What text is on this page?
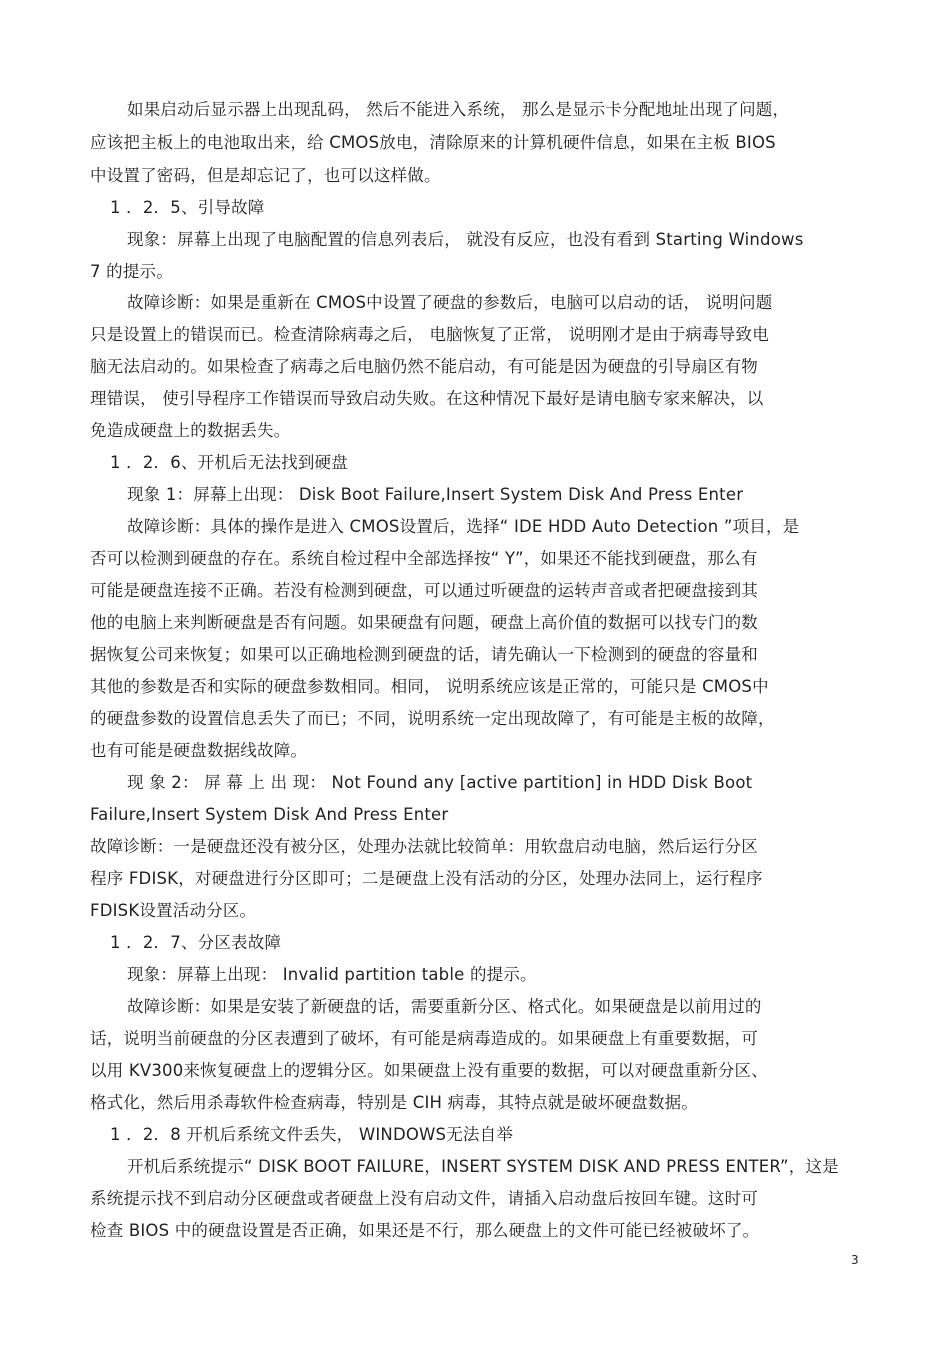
如果启动后显示器上出现乱码， 然后不能进入系统， 那么是显示卡分配地址出现了问题，
应该把主板上的电池取出来，给 CMOS放电，清除原来的计算机硬件信息，如果在主板 BIOS
中设置了密码，但是却忘记了，也可以这样做。
1 ．2．5、引导故障
现象：屏幕上出现了电脑配置的信息列表后， 就没有反应，也没有看到 Starting Windows
7 的提示。
故障诊断：如果是重新在 CMOS中设置了硬盘的参数后，电脑可以启动的话， 说明问题
只是设置上的错误而已。检查清除病毒之后， 电脑恢复了正常， 说明刚才是由于病毒导致电
脑无法启动的。如果检查了病毒之后电脑仍然不能启动，有可能是因为硬盘的引导扇区有物
理错误， 使引导程序工作错误而导致启动失败。在这种情况下最好是请电脑专家来解决，以
免造成硬盘上的数据丢失。
1 ．2．6、开机后无法找到硬盘
现象 1：屏幕上出现： Disk Boot Failure,Insert System Disk And Press Enter
故障诊断：具体的操作是进入 CMOS设置后，选择“ IDE HDD Auto Detection ”项目，是
否可以检测到硬盘的存在。系统自检过程中全部选择按“ Y”，如果还不能找到硬盘，那么有
可能是硬盘连接不正确。若没有检测到硬盘，可以通过听硬盘的运转声音或者把硬盘接到其
他的电脑上来判断硬盘是否有问题。如果硬盘有问题，硬盘上高价值的数据可以找专门的数
据恢复公司来恢复；如果可以正确地检测到硬盘的话，请先确认一下检测到的硬盘的容量和
其他的参数是否和实际的硬盘参数相同。相同， 说明系统应该是正常的，可能只是 CMOS中
的硬盘参数的设置信息丢失了而已；不同，说明系统一定出现故障了，有可能是主板的故障，
也有可能是硬盘数据线故障。
现 象 2： 屏 幕 上 出 现： Not Found any [active partition] in HDD Disk Boot
Failure,Insert System Disk And Press Enter
故障诊断：一是硬盘还没有被分区，处理办法就比较简单：用软盘启动电脑，然后运行分区
程序 FDISK，对硬盘进行分区即可；二是硬盘上没有活动的分区，处理办法同上，运行程序
FDISK设置活动分区。
1 ．2．7、分区表故障
现象：屏幕上出现： Invalid partition table 的提示。
故障诊断：如果是安装了新硬盘的话，需要重新分区、格式化。如果硬盘是以前用过的
话，说明当前硬盘的分区表遭到了破坏，有可能是病毒造成的。如果硬盘上有重要数据，可
以用 KV300来恢复硬盘上的逻辑分区。如果硬盘上没有重要的数据，可以对硬盘重新分区、
格式化，然后用杀毒软件检查病毒，特别是 CIH 病毒，其特点就是破坏硬盘数据。
1 ．2．8 开机后系统文件丢失， WINDOWS无法自举
开机后系统提示“ DISK BOOT FAILURE，INSERT SYSTEM DISK AND PRESS ENTER”，这是
系统提示找不到启动分区硬盘或者硬盘上没有启动文件，请插入启动盘后按回车键。这时可
检查 BIOS 中的硬盘设置是否正确，如果还是不行，那么硬盘上的文件可能已经被破坏了。
3
